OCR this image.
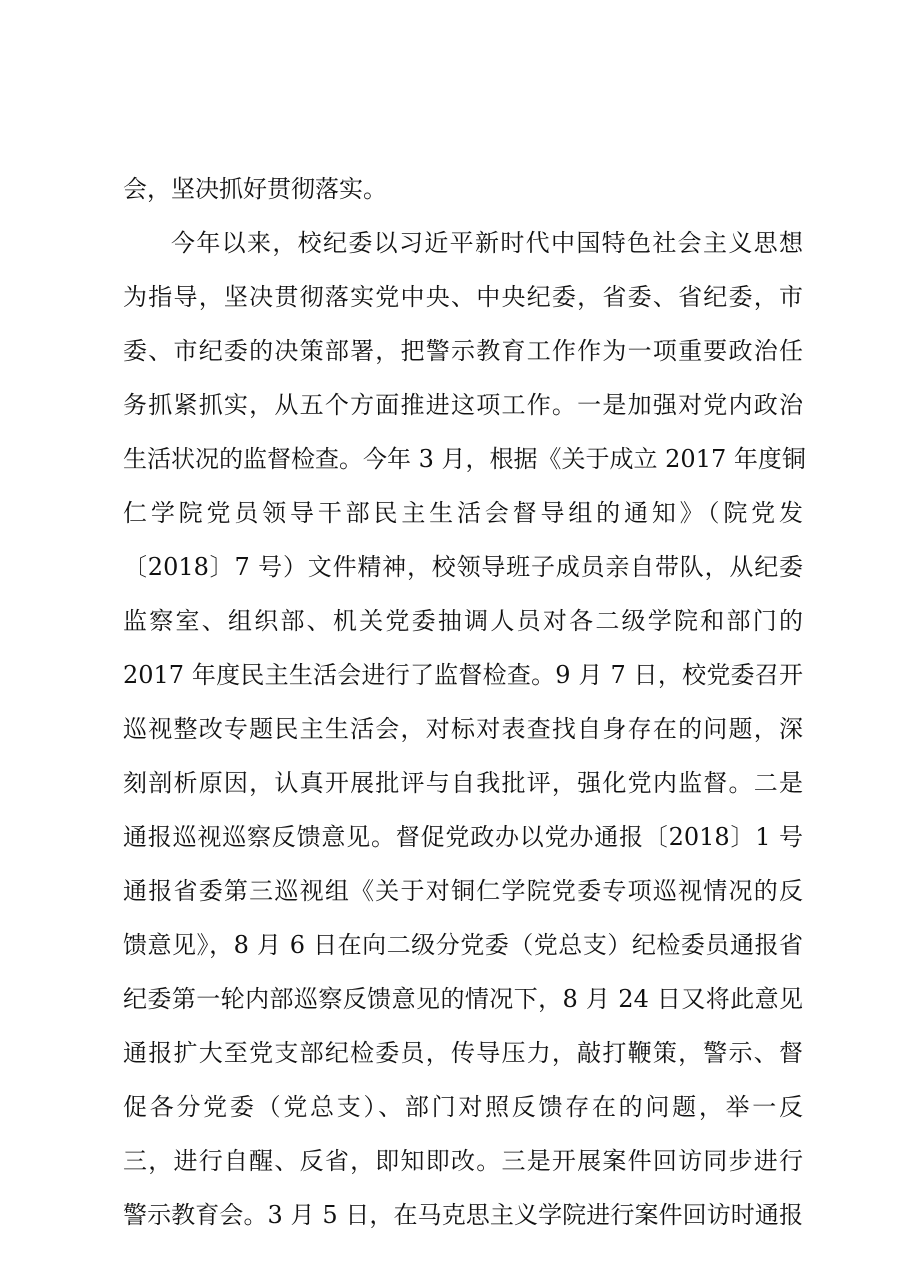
会，坚决抓好贯彻落实。
今年以来，校纪委以习近平新时代中国特色社会主义思想
为指导，坚决贯彻落实党中央、中央纪委，省委、省纪委，市
委、市纪委的决策部署，把警示教育工作作为一项重要政治任
务抓紧抓实，从五个方面推进这项工作。一是加强对党内政治
生活状况的监督检查。今年 3 月，根据《关于成立 2017 年度铜
仁学院党员领导干部民主生活会督导组的通知》（院党发
〔2018〕7 号）文件精神，校领导班子成员亲自带队，从纪委
监察室、组织部、机关党委抽调人员对各二级学院和部门的
2017 年度民主生活会进行了监督检查。9 月 7 日，校党委召开
巡视整改专题民主生活会，对标对表查找自身存在的问题，深
刻剖析原因，认真开展批评与自我批评，强化党内监督。二是
通报巡视巡察反馈意见。督促党政办以党办通报〔2018〕1 号
通报省委第三巡视组《关于对铜仁学院党委专项巡视情况的反
馈意见》，8 月 6 日在向二级分党委（党总支）纪检委员通报省
纪委第一轮内部巡察反馈意见的情况下，8 月 24 日又将此意见
通报扩大至党支部纪检委员，传导压力，敲打鞭策，警示、督
促各分党委（党总支）、部门对照反馈存在的问题，举一反
三，进行自醒、反省，即知即改。三是开展案件回访同步进行
警示教育会。3 月 5 日，在马克思主义学院进行案件回访时通报
